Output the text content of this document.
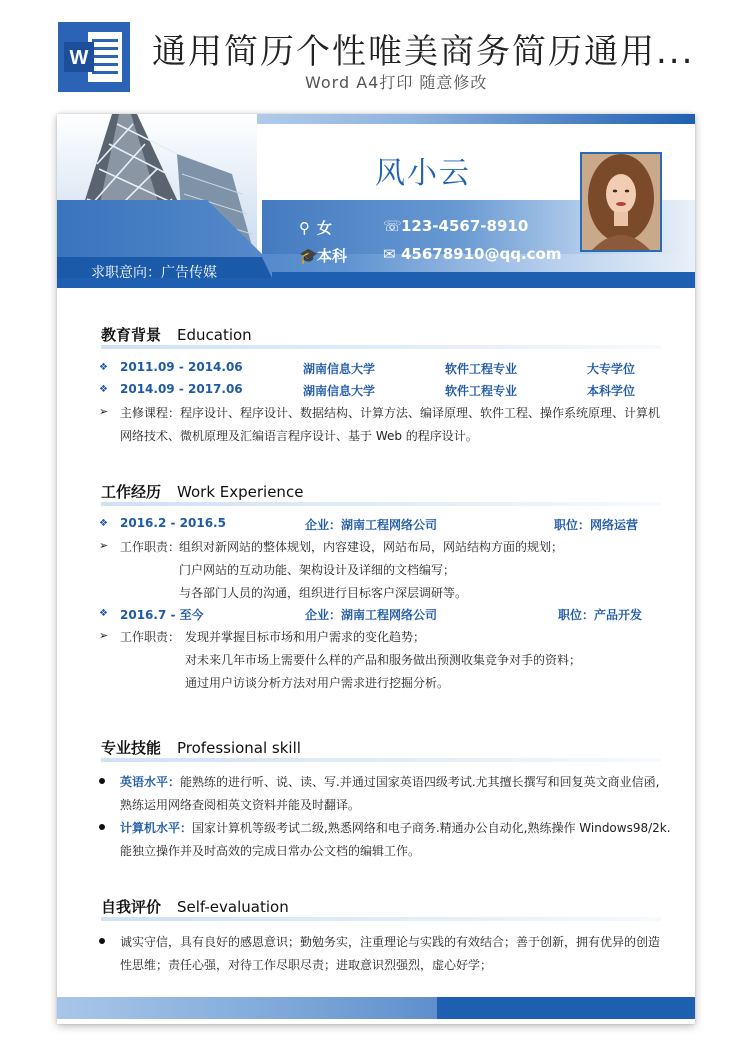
W 通用简历个性唯美商务简历通用...
Word A4打印 随意修改
风小云
⚲ 女
🎓本科
☏123-4567-8910
✉ 45678910@qq.com
求职意向：广告传媒
教育背景 Education
❖ 2011.09 - 2014.06	湖南信息大学	软件工程专业	大专学位
❖ 2014.09 - 2017.06	湖南信息大学	软件工程专业	本科学位
➢ 主修课程：程序设计、程序设计、数据结构、计算方法、编译原理、软件工程、操作系统原理、计算机
网络技术、微机原理及汇编语言程序设计、基于 Web 的程序设计。
工作经历 Work Experience
❖ 2016.2 - 2016.5	企业：湖南工程网络公司	职位：网络运营
➢ 工作职责：
组织对新网站的整体规划，内容建设，网站布局，网站结构方面的规划；
门户网站的互动功能、架构设计及详细的文档编写；
与各部门人员的沟通，组织进行目标客户深层调研等。
❖ 2016.7 - 至今	企业：湖南工程网络公司	职位：产品开发
➢ 工作职责： 发现并掌握目标市场和用户需求的变化趋势；
对未来几年市场上需要什么样的产品和服务做出预测收集竞争对手的资料；
通过用户访谈分析方法对用户需求进行挖掘分析。
专业技能 Professional skill
英语水平：能熟练的进行听、说、读、写.并通过国家英语四级考试.尤其擅长撰写和回复英文商业信函,
熟练运用网络查阅相英文资料并能及时翻译。
计算机水平：国家计算机等级考试二级,熟悉网络和电子商务.精通办公自动化,熟练操作 Windows98/2k.
能独立操作并及时高效的完成日常办公文档的编辑工作。
自我评价 Self-evaluation
诚实守信，具有良好的感恩意识；勤勉务实，注重理论与实践的有效结合；善于创新，拥有优异的创造
性思维；责任心强，对待工作尽职尽责；进取意识烈强烈，虚心好学；
